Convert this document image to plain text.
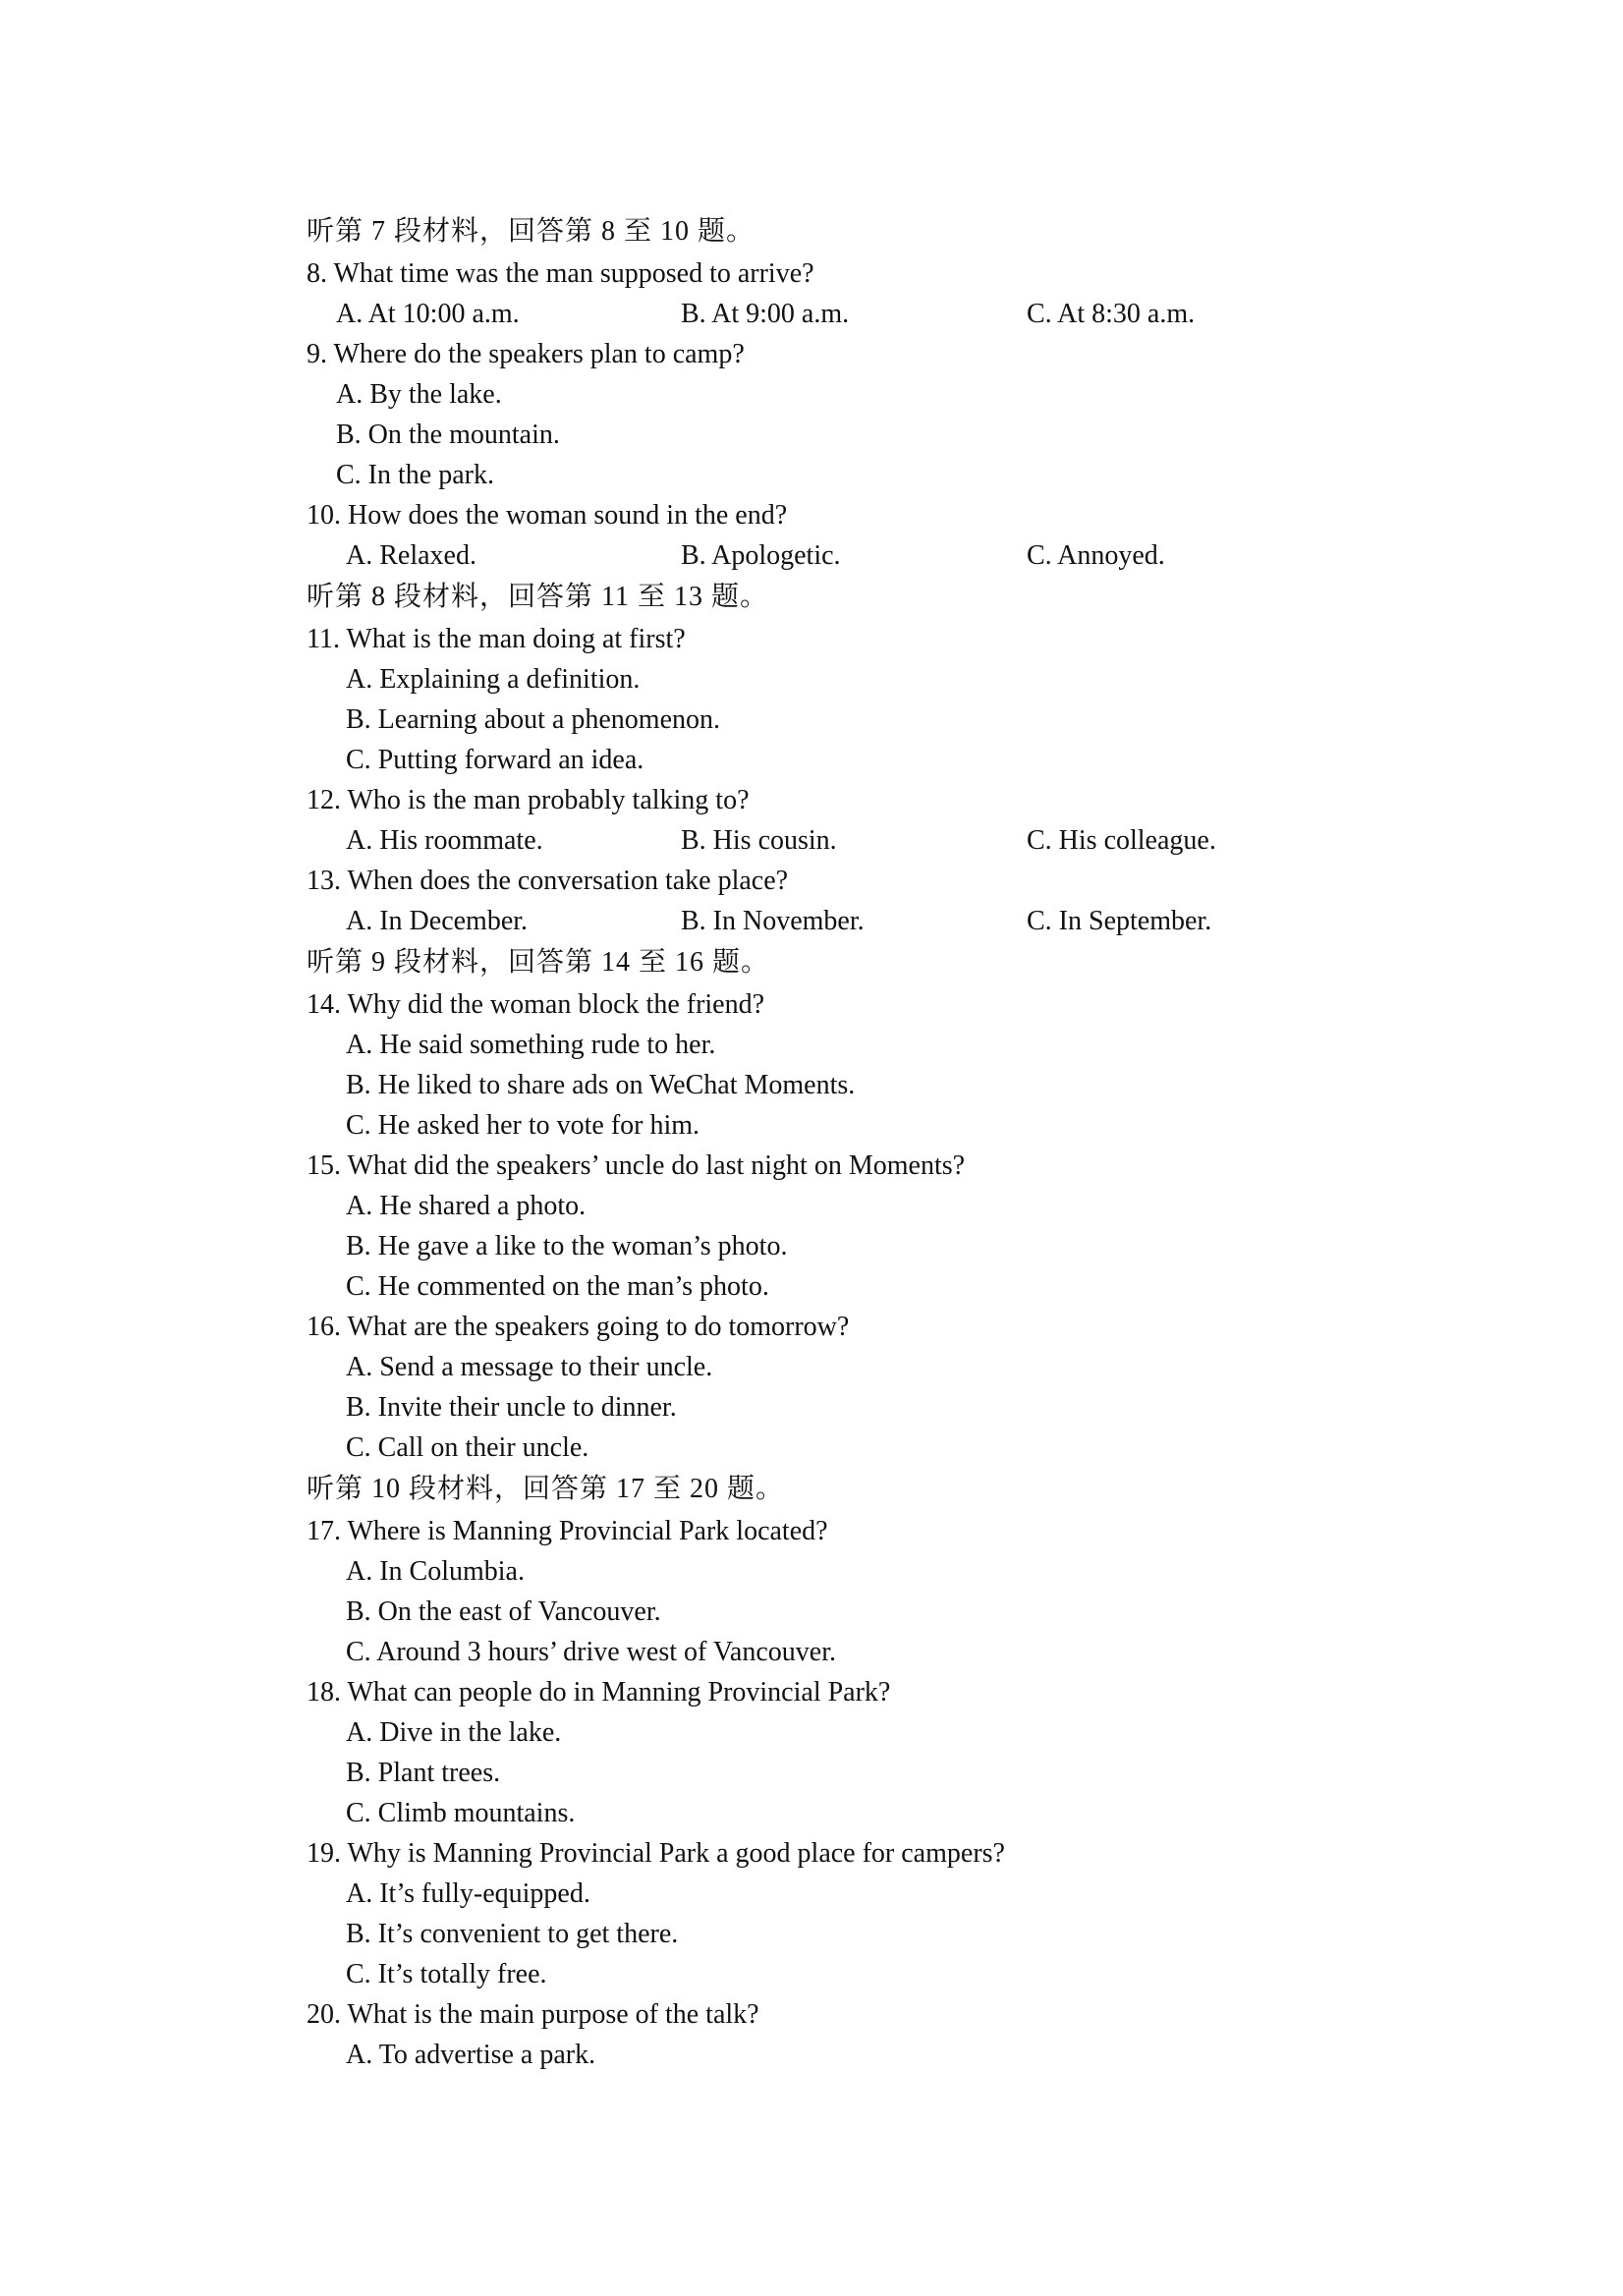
听第 7 段材料，回答第 8 至 10 题。
8. What time was the man supposed to arrive?
A. At 10:00 a.m.	B. At 9:00 a.m.	C. At 8:30 a.m.
9. Where do the speakers plan to camp?
A. By the lake.
B. On the mountain.
C. In the park.
10. How does the woman sound in the end?
A. Relaxed.	B. Apologetic.	C. Annoyed.
听第 8 段材料，回答第 11 至 13 题。
11. What is the man doing at first?
A. Explaining a definition.
B. Learning about a phenomenon.
C. Putting forward an idea.
12. Who is the man probably talking to?
A. His roommate.	B. His cousin.	C. His colleague.
13. When does the conversation take place?
A. In December.	B. In November.	C. In September.
听第 9 段材料，回答第 14 至 16 题。
14. Why did the woman block the friend?
A. He said something rude to her.
B. He liked to share ads on WeChat Moments.
C. He asked her to vote for him.
15. What did the speakers’ uncle do last night on Moments?
A. He shared a photo.
B. He gave a like to the woman’s photo.
C. He commented on the man’s photo.
16. What are the speakers going to do tomorrow?
A. Send a message to their uncle.
B. Invite their uncle to dinner.
C. Call on their uncle.
听第 10 段材料，回答第 17 至 20 题。
17. Where is Manning Provincial Park located?
A. In Columbia.
B. On the east of Vancouver.
C. Around 3 hours’ drive west of Vancouver.
18. What can people do in Manning Provincial Park?
A. Dive in the lake.
B. Plant trees.
C. Climb mountains.
19. Why is Manning Provincial Park a good place for campers?
A. It’s fully-equipped.
B. It’s convenient to get there.
C. It’s totally free.
20. What is the main purpose of the talk?
A. To advertise a park.
